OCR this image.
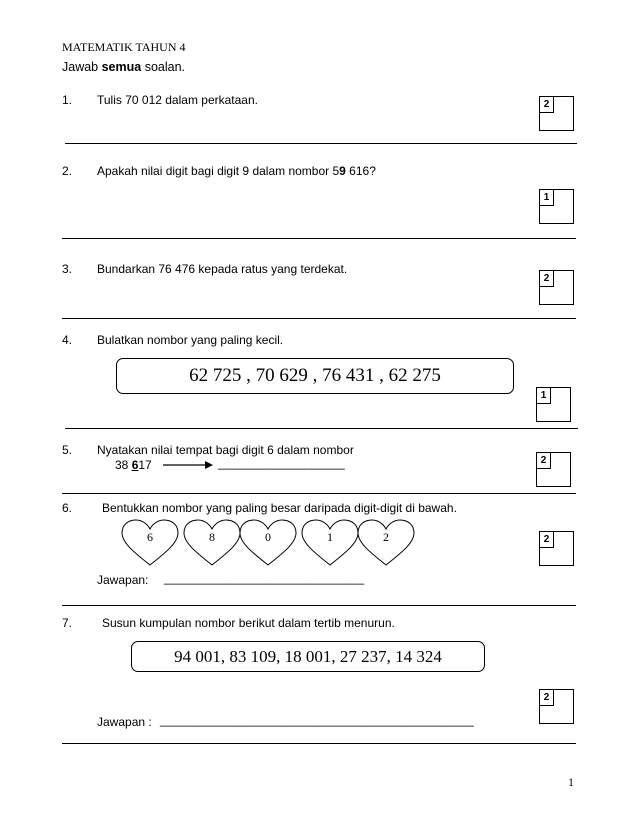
MATEMATIK TAHUN 4
Jawab semua soalan.
1. Tulis 70 012 dalam perkataan.	2
2. Apakah nilai digit bagi digit 9 dalam nombor 59 616?
1
3. Bundarkan 76 476 kepada ratus yang terdekat.
2
4. Bulatkan nombor yang paling kecil.
62 725 , 70 629 , 76 431 , 62 275
1
5. Nyatakan nilai tempat bagi digit 6 dalam nombor
38 617	___________________	2
6. Bentukkan nombor yang paling besar daripada digit-digit di bawah.
6	8	0	1	2
Jawapan: ______________________________
2
7. Susun kumpulan nombor berikut dalam tertib menurun.
94 001, 83 109, 18 001, 27 237, 14 324
2
Jawapan : _______________________________________________
1
